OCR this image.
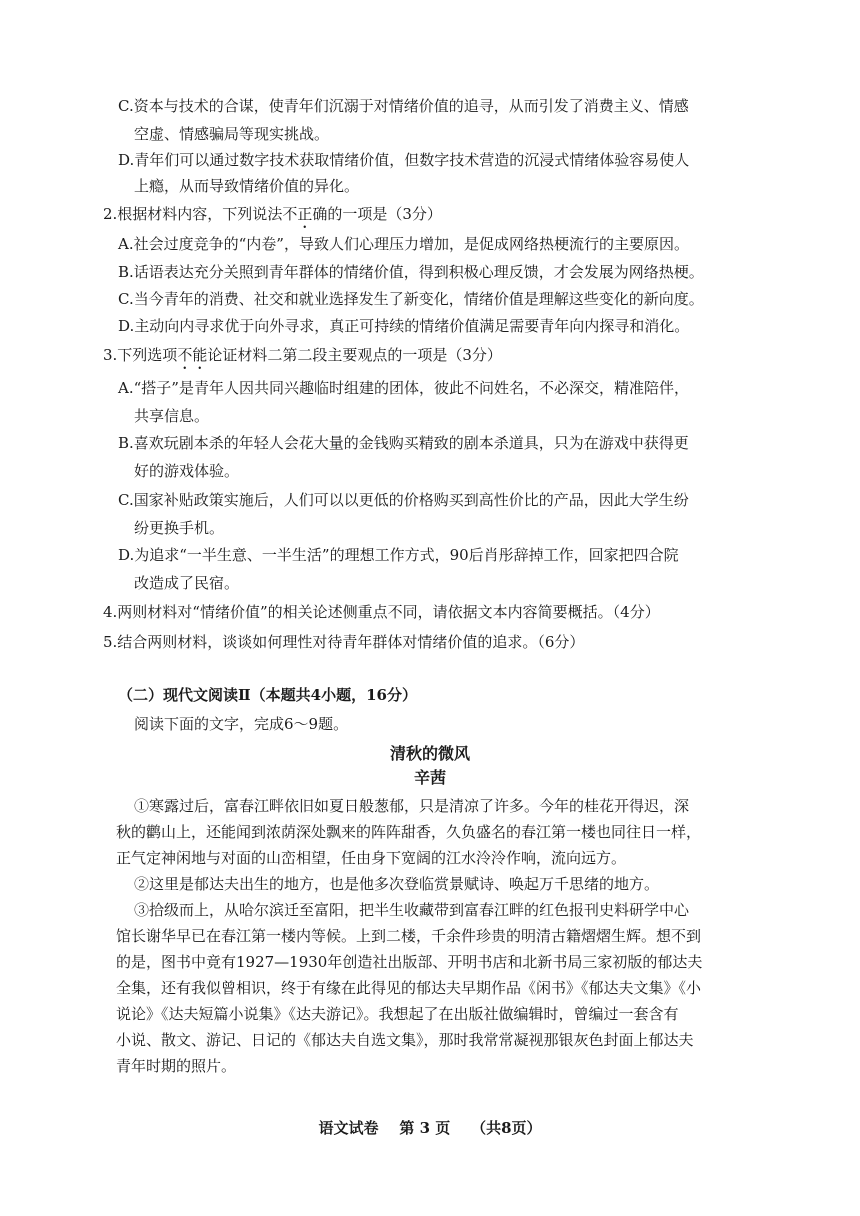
C.资本与技术的合谋，使青年们沉溺于对情绪价值的追寻，从而引发了消费主义、情感
空虚、情感骗局等现实挑战。
D.青年们可以通过数字技术获取情绪价值，但数字技术营造的沉浸式情绪体验容易使人
上瘾，从而导致情绪价值的异化。
2.根据材料内容，下列说法不正确的一项是（3分）
A.社会过度竞争的“内卷”，导致人们心理压力增加，是促成网络热梗流行的主要原因。
B.话语表达充分关照到青年群体的情绪价值，得到积极心理反馈，才会发展为网络热梗。
C.当今青年的消费、社交和就业选择发生了新变化，情绪价值是理解这些变化的新向度。
D.主动向内寻求优于向外寻求，真正可持续的情绪价值满足需要青年向内探寻和消化。
3.下列选项不能论证材料二第二段主要观点的一项是（3分）
A.“搭子”是青年人因共同兴趣临时组建的团体，彼此不问姓名，不必深交，精准陪伴，
共享信息。
B.喜欢玩剧本杀的年轻人会花大量的金钱购买精致的剧本杀道具，只为在游戏中获得更
好的游戏体验。
C.国家补贴政策实施后，人们可以以更低的价格购买到高性价比的产品，因此大学生纷
纷更换手机。
D.为追求“一半生意、一半生活”的理想工作方式，90后肖彤辞掉工作，回家把四合院
改造成了民宿。
4.两则材料对“情绪价值”的相关论述侧重点不同，请依据文本内容简要概括。（4分）
5.结合两则材料，谈谈如何理性对待青年群体对情绪价值的追求。（6分）
（二）现代文阅读Ⅱ（本题共4小题，16分）
阅读下面的文字，完成6～9题。
清秋的微风
辛茜
①寒露过后，富春江畔依旧如夏日般葱郁，只是清凉了许多。今年的桂花开得迟，深
秋的鹳山上，还能闻到浓荫深处飘来的阵阵甜香，久负盛名的春江第一楼也同往日一样，
正气定神闲地与对面的山峦相望，任由身下宽阔的江水泠泠作响，流向远方。
②这里是郁达夫出生的地方，也是他多次登临赏景赋诗、唤起万千思绪的地方。
③拾级而上，从哈尔滨迁至富阳，把半生收藏带到富春江畔的红色报刊史料研学中心
馆长谢华早已在春江第一楼内等候。上到二楼，千余件珍贵的明清古籍熠熠生辉。想不到
的是，图书中竟有1927—1930年创造社出版部、开明书店和北新书局三家初版的郁达夫
全集，还有我似曾相识，终于有缘在此得见的郁达夫早期作品《闲书》《郁达夫文集》《小
说论》《达夫短篇小说集》《达夫游记》。我想起了在出版社做编辑时，曾编过一套含有
小说、散文、游记、日记的《郁达夫自选文集》，那时我常常凝视那银灰色封面上郁达夫
青年时期的照片。
语文试卷 第 3 页 （共8页）
